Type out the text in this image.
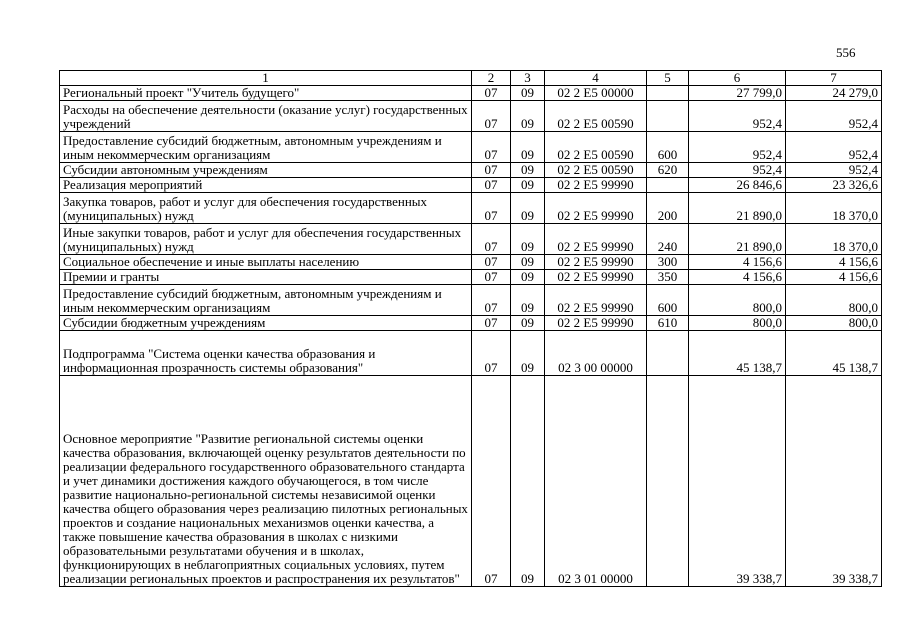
556
1	2	3	4	5	6	7
Региональный проект "Учитель будущего"	07	09	02 2 E5 00000		27 799,0	24 279,0
Расходы на обеспечение деятельности (оказание услуг) государственных учреждений	07	09	02 2 E5 00590		952,4	952,4
Предоставление субсидий бюджетным, автономным учреждениям и иным некоммерческим организациям	07	09	02 2 E5 00590	600	952,4	952,4
Субсидии автономным учреждениям	07	09	02 2 E5 00590	620	952,4	952,4
Реализация мероприятий	07	09	02 2 E5 99990		26 846,6	23 326,6
Закупка товаров, работ и услуг для обеспечения государственных (муниципальных) нужд	07	09	02 2 E5 99990	200	21 890,0	18 370,0
Иные закупки товаров, работ и услуг для обеспечения государственных (муниципальных) нужд	07	09	02 2 E5 99990	240	21 890,0	18 370,0
Социальное обеспечение и иные выплаты населению	07	09	02 2 E5 99990	300	4 156,6	4 156,6
Премии и гранты	07	09	02 2 E5 99990	350	4 156,6	4 156,6
Предоставление субсидий бюджетным, автономным учреждениям и иным некоммерческим организациям	07	09	02 2 E5 99990	600	800,0	800,0
Субсидии бюджетным учреждениям	07	09	02 2 E5 99990	610	800,0	800,0
Подпрограмма "Система оценки качества образования и информационная прозрачность системы образования"	07	09	02 3 00 00000		45 138,7	45 138,7
Основное мероприятие "Развитие региональной системы оценки качества образования, включающей оценку результатов деятельности по реализации федерального государственного образовательного стандарта и учет динамики достижения каждого обучающегося, в том числе развитие национально-региональной системы независимой оценки качества общего образования через реализацию пилотных региональных проектов и создание национальных механизмов оценки качества, а также повышение качества образования в школах с низкими образовательными результатами обучения и в школах, функционирующих в неблагоприятных социальных условиях, путем реализации региональных проектов и распространения их результатов"	07	09	02 3 01 00000		39 338,7	39 338,7
